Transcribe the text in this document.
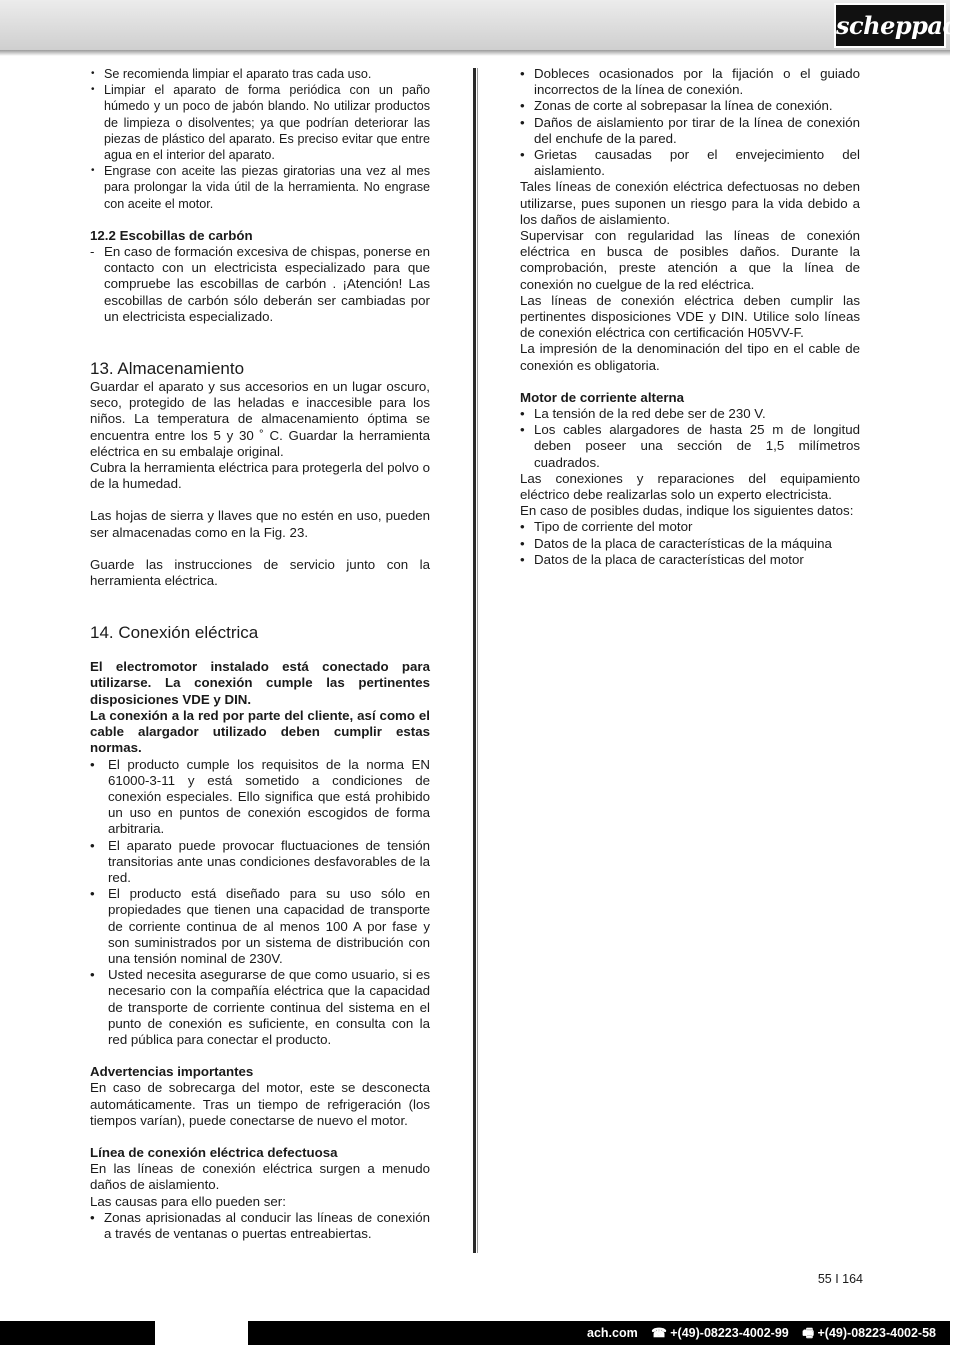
scheppach
• Se recomienda limpiar el aparato tras cada uso.
• Limpiar el aparato de forma periódica con un paño húmedo y un poco de jabón blando. No utilizar productos de limpieza o disolventes; ya que podrían deteriorar las piezas de plástico del aparato. Es preciso evitar que entre agua en el interior del aparato.
• Engrase con aceite las piezas giratorias una vez al mes para prolongar la vida útil de la herramienta. No engrase con aceite el motor.

12.2 Escobillas de carbón

- En caso de formación excesiva de chispas, ponerse en contacto con un electricista especializado para que compruebe las escobillas de carbón . ¡Atención! Las escobillas de carbón sólo deberán ser cambiadas por un electricista especializado.

13. Almacenamiento

Guardar el aparato y sus accesorios en un lugar oscuro, seco, protegido de las heladas e inaccesible para los niños. La temperatura de almacenamiento óptima se encuentra entre los 5 y 30 ˚ C. Guardar la herramienta eléctrica en su embalaje original.

Cubra la herramienta eléctrica para protegerla del polvo o de la humedad.

Las hojas de sierra y llaves que no estén en uso, pueden ser almacenadas como en la Fig. 23.

Guarde las instrucciones de servicio junto con la herramienta eléctrica.

14. Conexión eléctrica

El electromotor instalado está conectado para utilizarse. La conexión cumple las pertinentes disposiciones VDE y DIN.

La conexión a la red por parte del cliente, así como el cable alargador utilizado deben cumplir estas normas.

• El producto cumple los requisitos de la norma EN 61000-3-11 y está sometido a condiciones de conexión especiales. Ello significa que está prohibido un uso en puntos de conexión escogidos de forma arbitraria.
• El aparato puede provocar fluctuaciones de tensión transitorias ante unas condiciones desfavorables de la red.
• El producto está diseñado para su uso sólo en propiedades que tienen una capacidad de transporte de corriente continua de al menos 100 A por fase y son suministrados por un sistema de distribución con una tensión nominal de 230V.
• Usted necesita asegurarse de que como usuario, si es necesario con la compañía eléctrica que la capacidad de transporte de corriente continua del sistema en el punto de conexión es suficiente, en consulta con la red pública para conectar el producto.

Advertencias importantes

En caso de sobrecarga del motor, este se desconecta automáticamente. Tras un tiempo de refrigeración (los tiempos varían), puede conectarse de nuevo el motor.

Línea de conexión eléctrica defectuosa

En las líneas de conexión eléctrica surgen a menudo daños de aislamiento.

Las causas para ello pueden ser:

• Zonas aprisionadas al conducir las líneas de conexión a través de ventanas o puertas entreabiertas.
• Dobleces ocasionados por la fijación o el guiado incorrectos de la línea de conexión.
• Zonas de corte al sobrepasar la línea de conexión.
• Daños de aislamiento por tirar de la línea de conexión del enchufe de la pared.
• Grietas causadas por el envejecimiento del aislamiento.

Tales líneas de conexión eléctrica defectuosas no deben utilizarse, pues suponen un riesgo para la vida debido a los daños de aislamiento.

Supervisar con regularidad las líneas de conexión eléctrica en busca de posibles daños. Durante la comprobación, preste atención a que la línea de conexión no cuelgue de la red eléctrica.

Las líneas de conexión eléctrica deben cumplir las pertinentes disposiciones VDE y DIN. Utilice solo líneas de conexión eléctrica con certificación H05VV-F.

La impresión de la denominación del tipo en el cable de conexión es obligatoria.

Motor de corriente alterna

• La tensión de la red debe ser de 230 V.
• Los cables alargadores de hasta 25 m de longitud deben poseer una sección de 1,5 milímetros cuadrados.

Las conexiones y reparaciones del equipamiento eléctrico debe realizarlas solo un experto electricista.

En caso de posibles dudas, indique los siguientes datos:

• Tipo de corriente del motor
• Datos de la placa de características de la máquina
• Datos de la placa de características del motor
55 I 164
ach.com ☎ +(49)-08223-4002-99 🖷 +(49)-08223-4002-58
